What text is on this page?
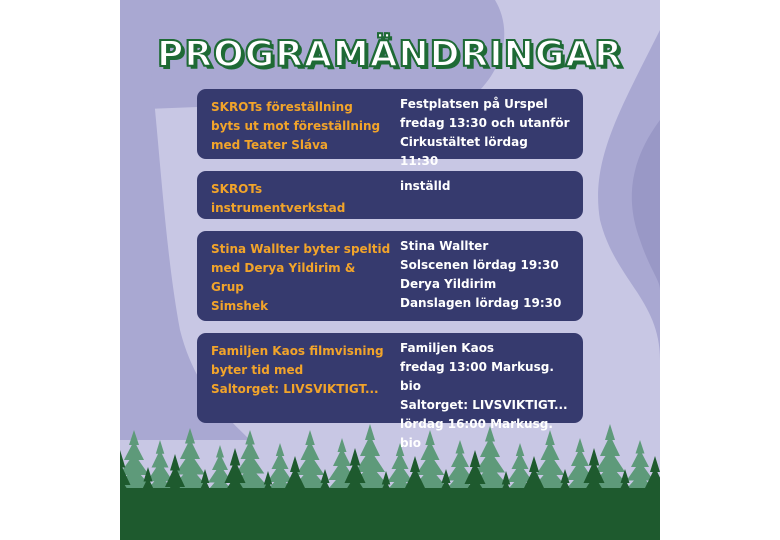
PROGRAMÄNDRINGAR
SKROTs föreställning
byts ut mot föreställning
med Teater Sláva
Festplatsen på Urspel
fredag 13:30 och utanför
Cirkustältet lördag 11:30
SKROTs
instrumentverkstad
inställd
Stina Wallter byter speltid
med Derya Yildirim & Grup
Simshek
Stina Wallter
Solscenen lördag 19:30
Derya Yildirim
Danslagen lördag 19:30
Familjen Kaos filmvisning
byter tid med
Saltorget: LIVSVIKTIGT...
Familjen Kaos
fredag 13:00 Markusg. bio
Saltorget: LIVSVIKTIGT...
lördag 16:00 Markusg. bio
